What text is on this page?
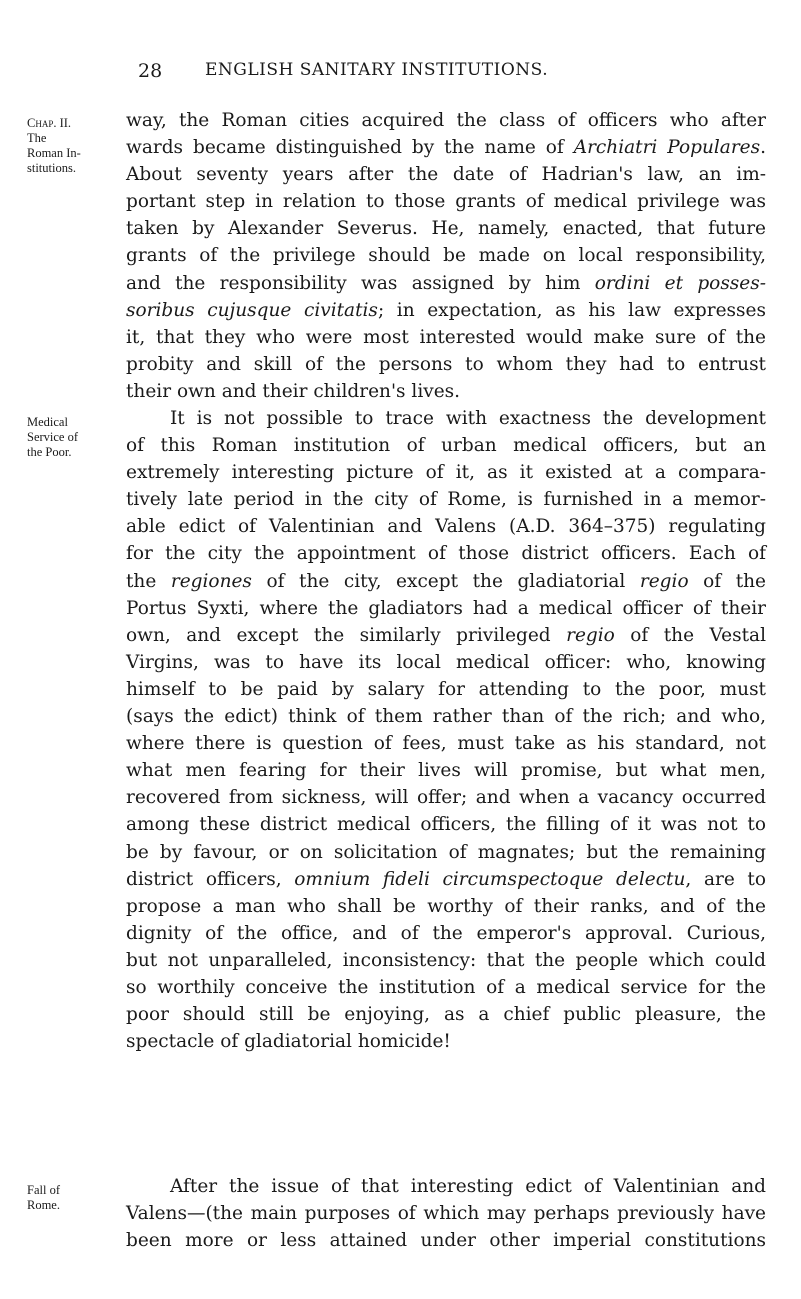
28	ENGLISH SANITARY INSTITUTIONS.
Chap. II.
The
Roman In-
stitutions.
Medical
Service of
the Poor.
Fall of
Rome.
way, the Roman cities acquired the class of officers who after
wards became distinguished by the name of Archiatri Populares.
About seventy years after the date of Hadrian's law, an im-
portant step in relation to those grants of medical privilege was
taken by Alexander Severus. He, namely, enacted, that future
grants of the privilege should be made on local responsibility,
and the responsibility was assigned by him ordini et posses-
soribus cujusque civitatis; in expectation, as his law expresses
it, that they who were most interested would make sure of the
probity and skill of the persons to whom they had to entrust
their own and their children's lives.
It is not possible to trace with exactness the development
of this Roman institution of urban medical officers, but an
extremely interesting picture of it, as it existed at a compara-
tively late period in the city of Rome, is furnished in a memor-
able edict of Valentinian and Valens (A.D. 364–375) regulating
for the city the appointment of those district officers. Each of
the regiones of the city, except the gladiatorial regio of the
Portus Syxti, where the gladiators had a medical officer of their
own, and except the similarly privileged regio of the Vestal
Virgins, was to have its local medical officer: who, knowing
himself to be paid by salary for attending to the poor, must
(says the edict) think of them rather than of the rich; and who,
where there is question of fees, must take as his standard, not
what men fearing for their lives will promise, but what men,
recovered from sickness, will offer; and when a vacancy occurred
among these district medical officers, the filling of it was not to
be by favour, or on solicitation of magnates; but the remaining
district officers, omnium fideli circumspectoque delectu, are to
propose a man who shall be worthy of their ranks, and of the
dignity of the office, and of the emperor's approval. Curious,
but not unparalleled, inconsistency: that the people which could
so worthily conceive the institution of a medical service for the
poor should still be enjoying, as a chief public pleasure, the
spectacle of gladiatorial homicide!
After the issue of that interesting edict of Valentinian and
Valens—(the main purposes of which may perhaps previously have
been more or less attained under other imperial constitutions
